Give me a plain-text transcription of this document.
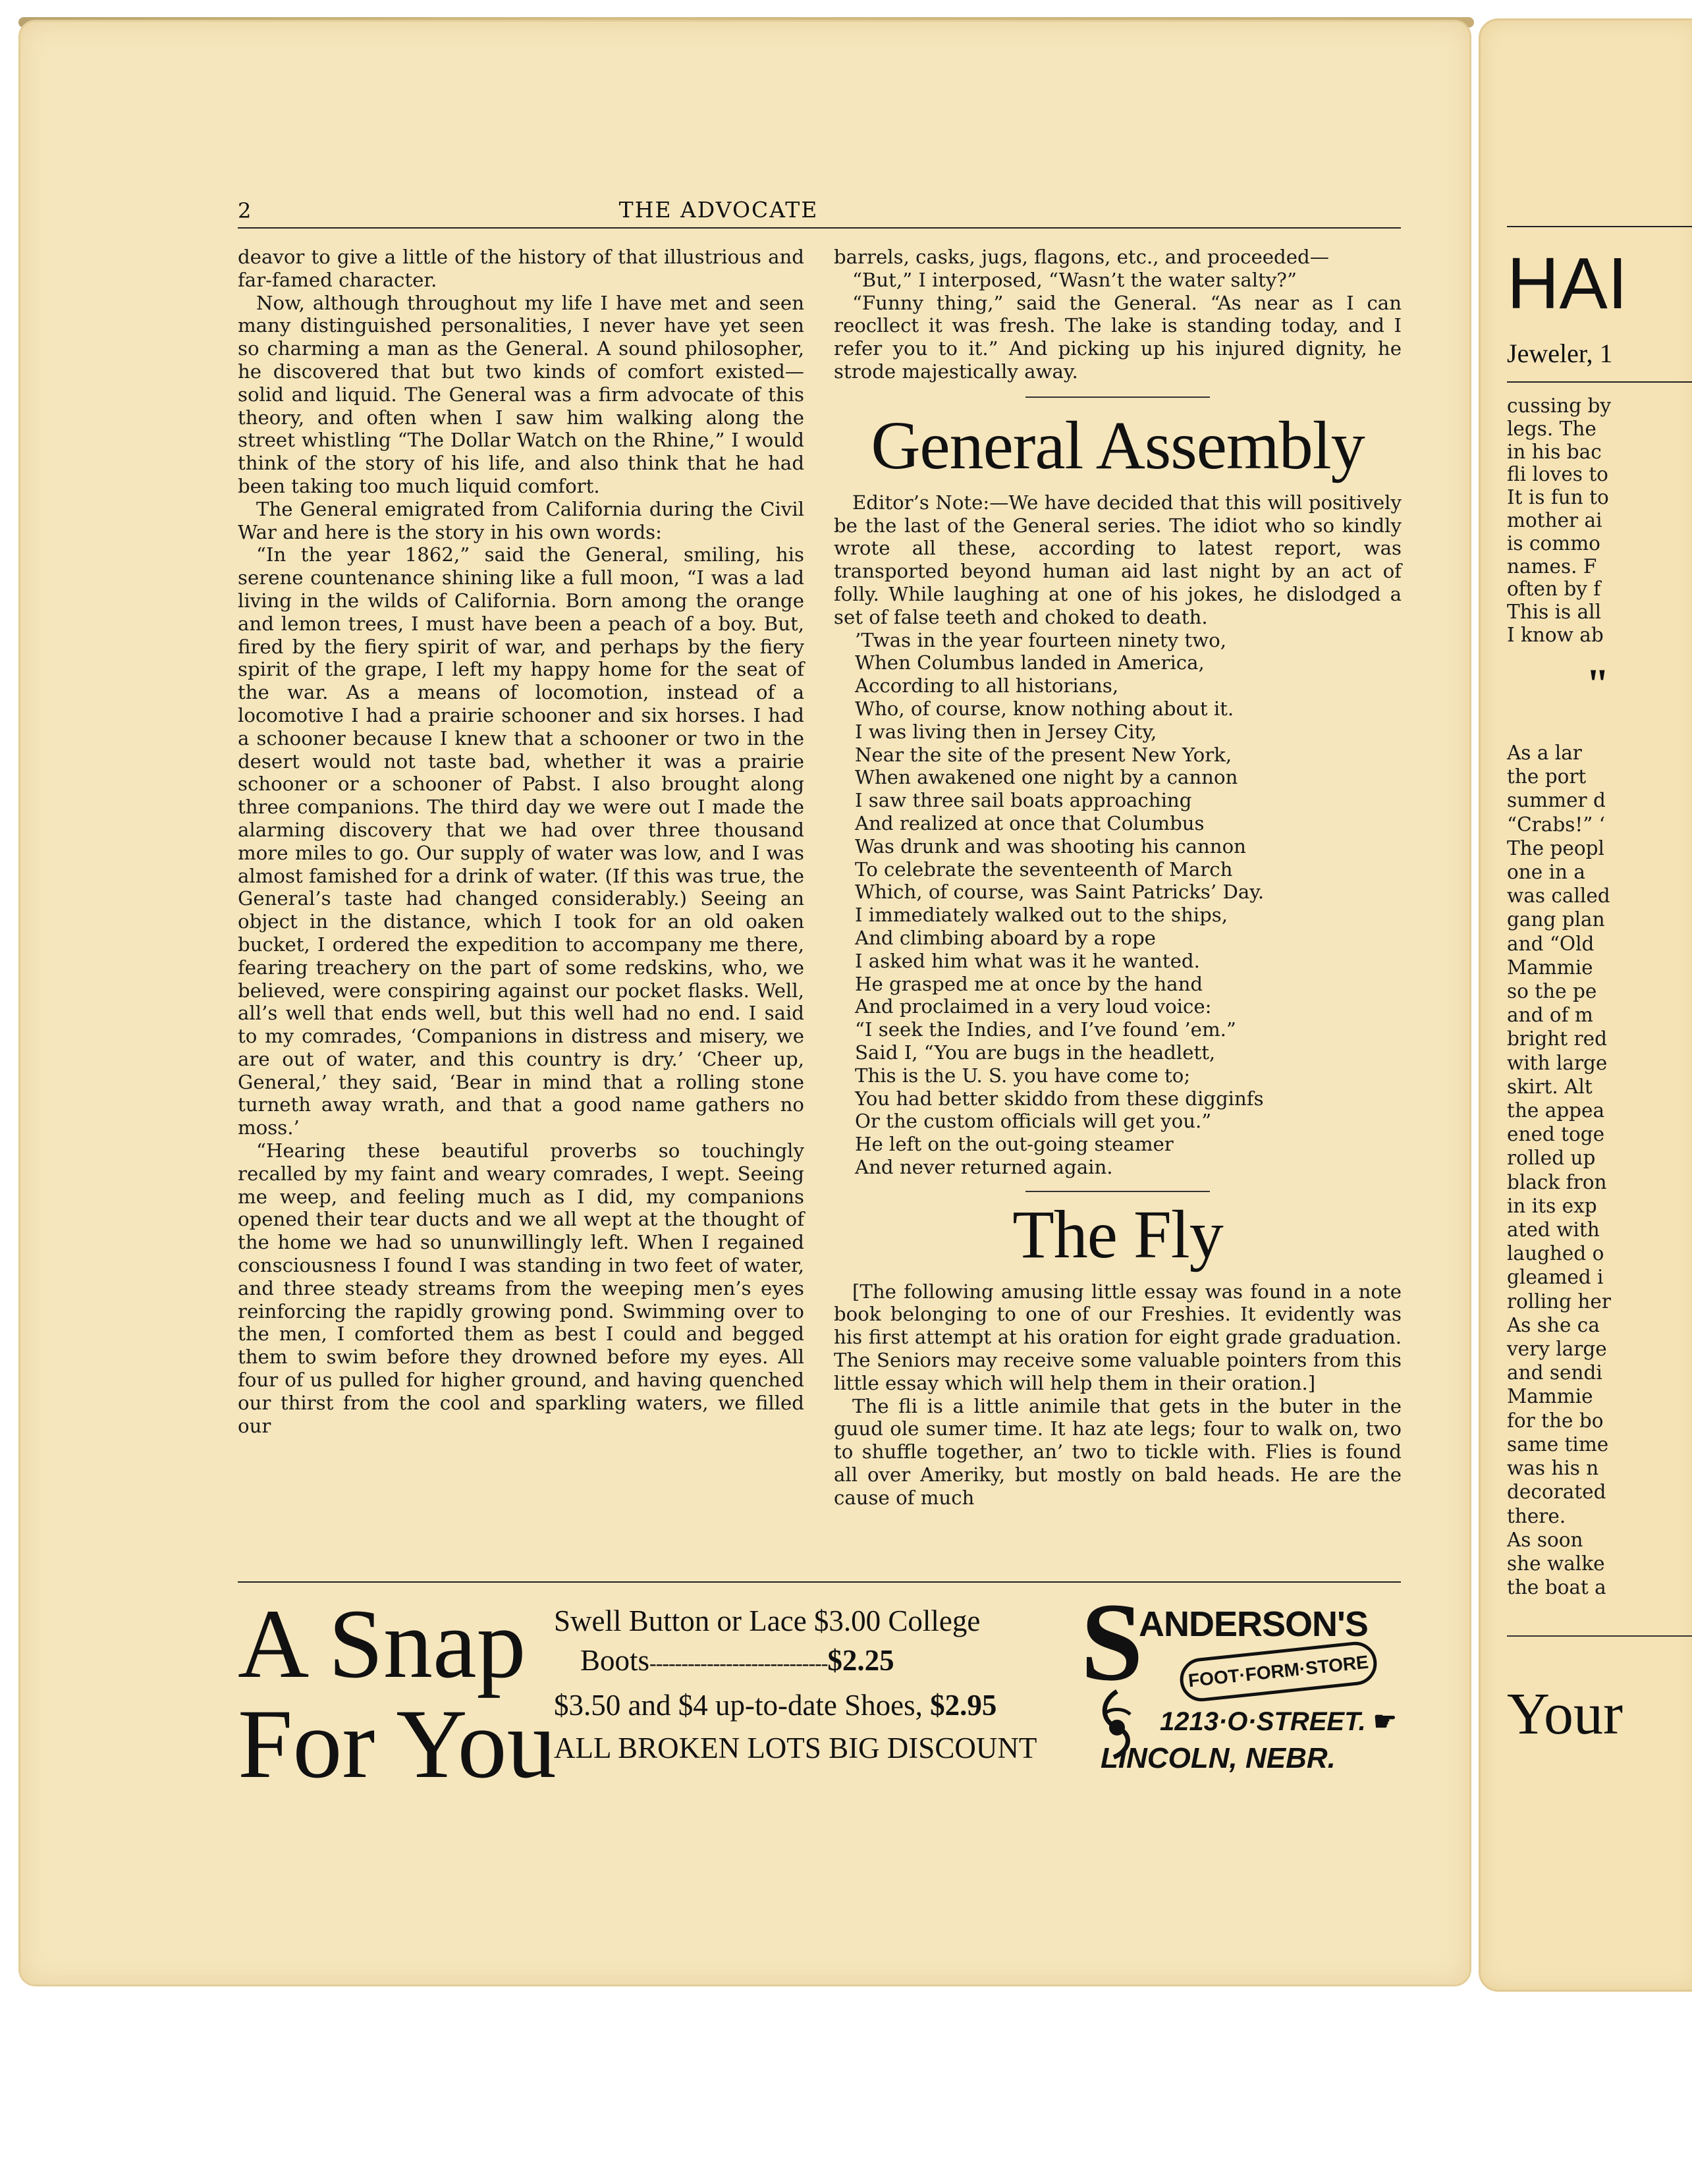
2	THE ADVOCATE

deavor to give a little of the history of that illustrious and far-famed character.

Now, although throughout my life I have met and seen many distinguished personalities, I never have yet seen so charming a man as the General. A sound philosopher, he discovered that but two kinds of comfort existed—solid and liquid. The General was a firm advocate of this theory, and often when I saw him walking along the street whistling “The Dollar Watch on the Rhine,” I would think of the story of his life, and also think that he had been taking too much liquid comfort.

The General emigrated from California during the Civil War and here is the story in his own words:

“In the year 1862,” said the General, smiling, his serene countenance shining like a full moon, “I was a lad living in the wilds of California. Born among the orange and lemon trees, I must have been a peach of a boy. But, fired by the fiery spirit of war, and perhaps by the fiery spirit of the grape, I left my happy home for the seat of the war. As a means of locomotion, instead of a locomotive I had a prairie schooner and six horses. I had a schooner because I knew that a schooner or two in the desert would not taste bad, whether it was a prairie schooner or a schooner of Pabst. I also brought along three companions. The third day we were out I made the alarming discovery that we had over three thousand more miles to go. Our supply of water was low, and I was almost famished for a drink of water. (If this was true, the General’s taste had changed considerably.) Seeing an object in the distance, which I took for an old oaken bucket, I ordered the expedition to accompany me there, fearing treachery on the part of some redskins, who, we believed, were conspiring against our pocket flasks. Well, all’s well that ends well, but this well had no end. I said to my comrades, ‘Companions in distress and misery, we are out of water, and this country is dry.’ ‘Cheer up, General,’ they said, ‘Bear in mind that a rolling stone turneth away wrath, and that a good name gathers no moss.’

“Hearing these beautiful proverbs so touchingly recalled by my faint and weary comrades, I wept. Seeing me weep, and feeling much as I did, my companions opened their tear ducts and we all wept at the thought of the home we had so ununwillingly left. When I regained consciousness I found I was standing in two feet of water, and three steady streams from the weeping men’s eyes reinforcing the rapidly growing pond. Swimming over to the men, I comforted them as best I could and begged them to swim before they drowned before my eyes. All four of us pulled for higher ground, and having quenched our thirst from the cool and sparkling waters, we filled our

barrels, casks, jugs, flagons, etc., and proceeded—

“But,” I interposed, “Wasn’t the water salty?”

“Funny thing,” said the General. “As near as I can reocllect it was fresh. The lake is standing today, and I refer you to it.” And picking up his injured dignity, he strode majestically away.

General Assembly

Editor’s Note:—We have decided that this will positively be the last of the General series. The idiot who so kindly wrote all these, according to latest report, was transported beyond human aid last night by an act of folly. While laughing at one of his jokes, he dislodged a set of false teeth and choked to death.

’Twas in the year fourteen ninety two,
When Columbus landed in America,
According to all historians,
Who, of course, know nothing about it.
I was living then in Jersey City,
Near the site of the present New York,
When awakened one night by a cannon
I saw three sail boats approaching
And realized at once that Columbus
Was drunk and was shooting his cannon
To celebrate the seventeenth of March
Which, of course, was Saint Patricks’ Day.
I immediately walked out to the ships,
And climbing aboard by a rope
I asked him what was it he wanted.
He grasped me at once by the hand
And proclaimed in a very loud voice:
“I seek the Indies, and I’ve found ’em.”
Said I, “You are bugs in the headlett,
This is the U. S. you have come to;
You had better skiddo from these digginfs
Or the custom officials will get you.”
He left on the out-going steamer
And never returned again.
The Fly

[The following amusing little essay was found in a note book belonging to one of our Freshies. It evidently was his first attempt at his oration for eight grade graduation. The Seniors may receive some valuable pointers from this little essay which will help them in their oration.]

The fli is a little animile that gets in the buter in the guud ole sumer time. It haz ate legs; four to walk on, two to shuffle together, an’ two to tickle with. Flies is found all over Ameriky, but mostly on bald heads. He are the cause of much

A Snap
For You
Swell Button or Lace $3.00 College
Boots----------------------------$2.25
$3.50 and $4 up-to-date Shoes, $2.95
ALL BROKEN LOTS BIG DISCOUNT
S
ANDERSON'S
FOOT·FORM·STORE
1213·O·STREET. ☛
LINCOLN, NEBR.
HAI
Jeweler, 1
cussing by
legs. The
in his bac
fli loves to
It is fun to
mother ai
is commo
names. F
often by f
This is all
I know ab
"
As a lar
the port
summer d
“Crabs!” ‘
The peopl
one in a
was called
gang plan
and “Old
Mammie
so the pe
and of m
bright red
with large
skirt. Alt
the appea
ened toge
rolled up
black fron
in its exp
ated with
laughed o
gleamed i
rolling her
As she ca
very large
and sendi
Mammie
for the bo
same time
was his n
decorated
there.
As soon
she walke
the boat a
Your
